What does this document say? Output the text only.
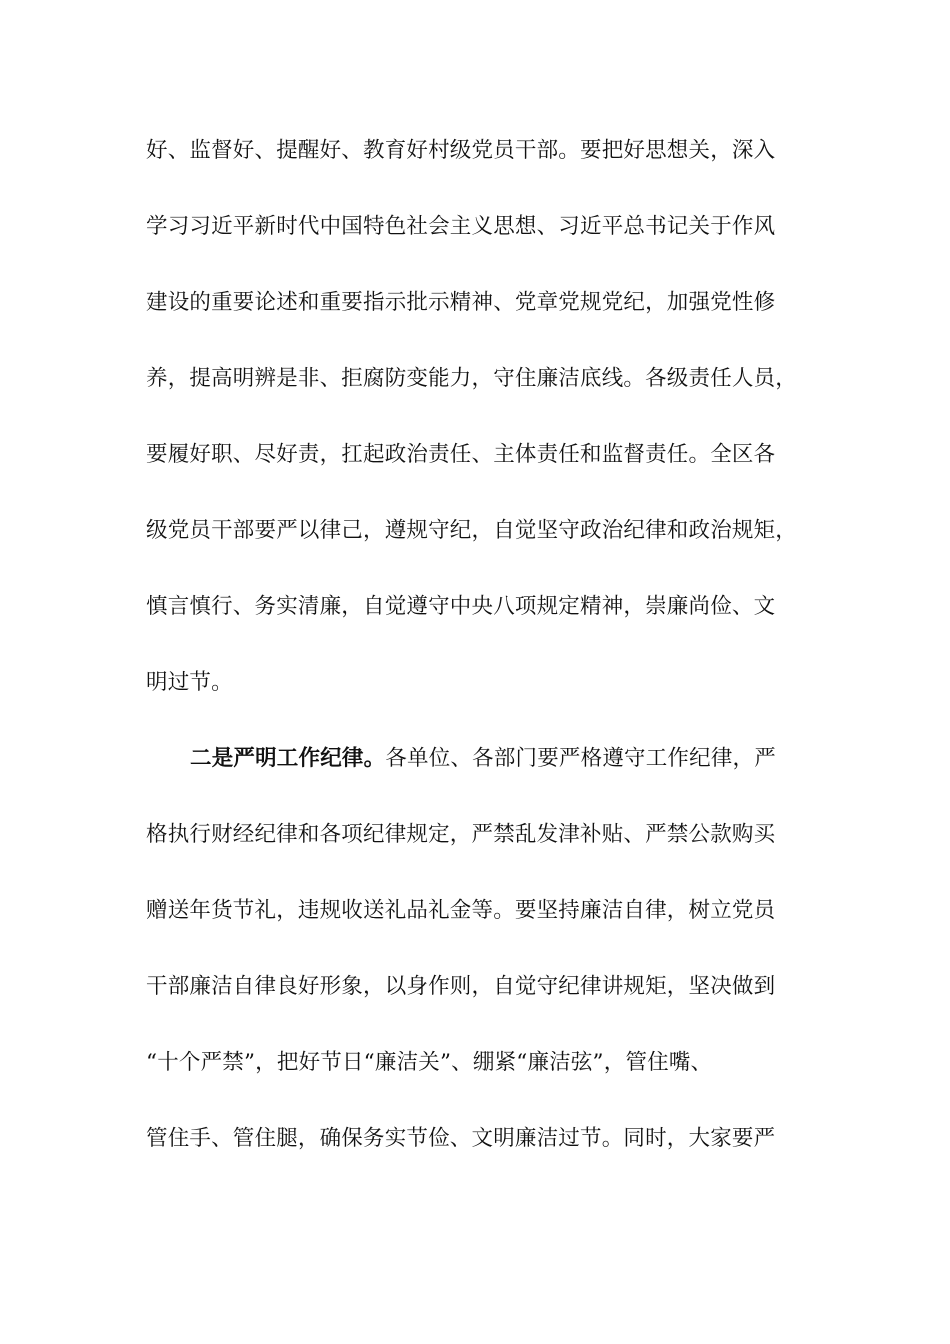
好、监督好、提醒好、教育好村级党员干部。要把好思想关，深入
学习习近平新时代中国特色社会主义思想、习近平总书记关于作风
建设的重要论述和重要指示批示精神、党章党规党纪，加强党性修
养，提高明辨是非、拒腐防变能力，守住廉洁底线。各级责任人员，
要履好职、尽好责，扛起政治责任、主体责任和监督责任。全区各
级党员干部要严以律己，遵规守纪，自觉坚守政治纪律和政治规矩，
慎言慎行、务实清廉，自觉遵守中央八项规定精神，崇廉尚俭、文
明过节。
二是严明工作纪律。各单位、各部门要严格遵守工作纪律，严
格执行财经纪律和各项纪律规定，严禁乱发津补贴、严禁公款购买
赠送年货节礼，违规收送礼品礼金等。要坚持廉洁自律，树立党员
干部廉洁自律良好形象，以身作则，自觉守纪律讲规矩，坚决做到
“十个严禁”，把好节日“廉洁关”、绷紧“廉洁弦”，管住嘴、
管住手、管住腿，确保务实节俭、文明廉洁过节。同时，大家要严
